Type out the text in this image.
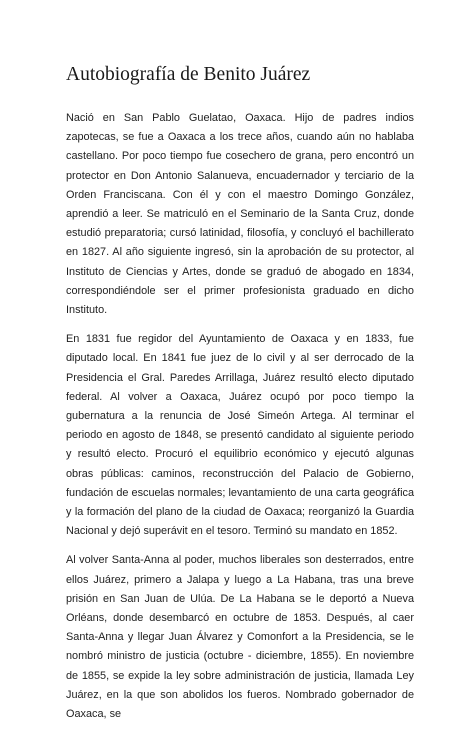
Autobiografía de Benito Juárez

Nació en San Pablo Guelatao, Oaxaca. Hijo de padres indios zapotecas, se fue a Oaxaca a los trece años, cuando aún no hablaba castellano. Por poco tiempo fue cosechero de grana, pero encontró un protector en Don Antonio Salanueva, encuadernador y terciario de la Orden Franciscana. Con él y con el maestro Domingo González, aprendió a leer. Se matriculó en el Seminario de la Santa Cruz, donde estudió preparatoria; cursó latinidad, filosofía, y concluyó el bachillerato en 1827. Al año siguiente ingresó, sin la aprobación de su protector, al Instituto de Ciencias y Artes, donde se graduó de abogado en 1834, correspondiéndole ser el primer profesionista graduado en dicho Instituto.

En 1831 fue regidor del Ayuntamiento de Oaxaca y en 1833, fue diputado local. En 1841 fue juez de lo civil y al ser derrocado de la Presidencia el Gral. Paredes Arrillaga, Juárez resultó electo diputado federal. Al volver a Oaxaca, Juárez ocupó por poco tiempo la gubernatura a la renuncia de José Simeón Artega. Al terminar el periodo en agosto de 1848, se presentó candidato al siguiente periodo y resultó electo. Procuró el equilibrio económico y ejecutó algunas obras públicas: caminos, reconstrucción del Palacio de Gobierno, fundación de escuelas normales; levantamiento de una carta geográfica y la formación del plano de la ciudad de Oaxaca; reorganizó la Guardia Nacional y dejó superávit en el tesoro. Terminó su mandato en 1852.

Al volver Santa-Anna al poder, muchos liberales son desterrados, entre ellos Juárez, primero a Jalapa y luego a La Habana, tras una breve prisión en San Juan de Ulúa. De La Habana se le deportó a Nueva Orléans, donde desembarcó en octubre de 1853. Después, al caer Santa-Anna y llegar Juan Álvarez y Comonfort a la Presidencia, se le nombró ministro de justicia (octubre - diciembre, 1855). En noviembre de 1855, se expide la ley sobre administración de justicia, llamada Ley Juárez, en la que son abolidos los fueros. Nombrado gobernador de Oaxaca, se
